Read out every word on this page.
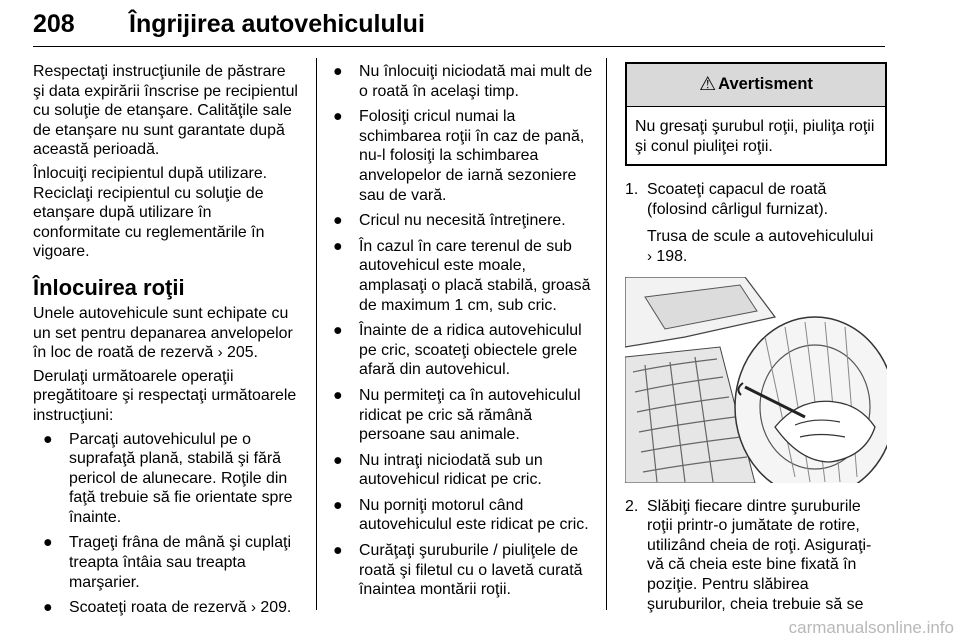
208 Îngrijirea autovehiculului

Respectaţi instrucţiunile de păstrare şi data expirării înscrise pe recipientul cu soluţie de etanşare. Calităţile sale de etanşare nu sunt garantate după această perioadă.

Înlocuiţi recipientul după utilizare. Reciclaţi recipientul cu soluţie de etanşare după utilizare în conformitate cu reglementările în vigoare.

Înlocuirea roţii

Unele autovehicule sunt echipate cu un set pentru depanarea anvelopelor în loc de roată de rezervă › 205.

Derulaţi următoarele operaţii pregătitoare şi respectaţi următoarele instrucţiuni:

● Parcaţi autovehiculul pe o suprafaţă plană, stabilă şi fără pericol de alunecare. Roţile din faţă trebuie să fie orientate spre înainte.
● Trageţi frâna de mână şi cuplaţi treapta întâia sau treapta marşarier.
● Scoateţi roata de rezervă › 209.
● Nu înlocuiţi niciodată mai mult de o roată în acelaşi timp.
● Folosiţi cricul numai la schimbarea roţii în caz de pană, nu-l folosiţi la schimbarea anvelopelor de iarnă sezoniere sau de vară.
● Cricul nu necesită întreţinere.
● În cazul în care terenul de sub autovehicul este moale, amplasaţi o placă stabilă, groasă de maximum 1 cm, sub cric.
● Înainte de a ridica autovehiculul pe cric, scoateţi obiectele grele afară din autovehicul.
● Nu permiteţi ca în autovehiculul ridicat pe cric să rămână persoane sau animale.
● Nu intraţi niciodată sub un autovehicul ridicat pe cric.
● Nu porniţi motorul când autovehiculul este ridicat pe cric.
● Curăţaţi şuruburile / piuliţele de roată şi filetul cu o lavetă curată înaintea montării roţii.
⚠ Avertisment
Nu gresaţi şurubul roţii, piuliţa roţii şi conul piuliţei roţii.
1. Scoateţi capacul de roată (folosind cârligul furnizat).

Trusa de scule a autovehiculului
› 198.

2. Slăbiţi fiecare dintre şuruburile roţii printr-o jumătate de rotire, utilizând cheia de roţi. Asiguraţi-vă că cheia este bine fixată în poziţie. Pentru slăbirea şuruburilor, cheia trebuie să se

carmanualsonline.info
